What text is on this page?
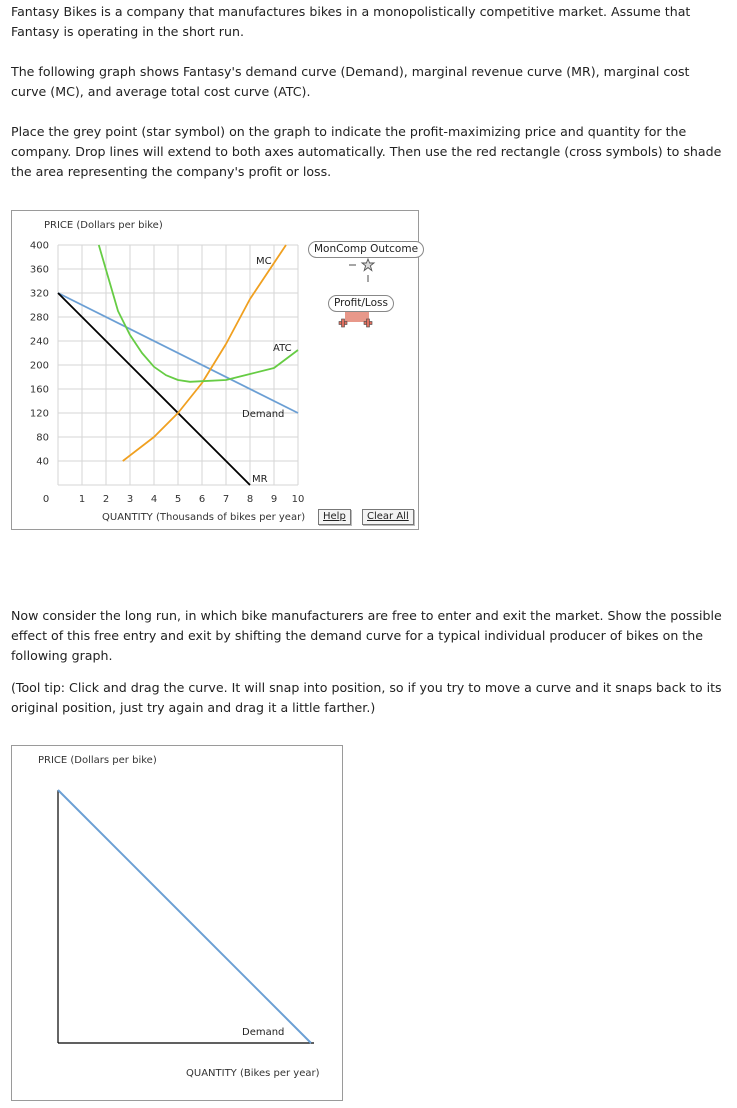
Fantasy Bikes is a company that manufactures bikes in a monopolistically competitive market. Assume that Fantasy is operating in the short run.

The following graph shows Fantasy's demand curve (Demand), marginal revenue curve (MR), marginal cost curve (MC), and average total cost curve (ATC).

Place the grey point (star symbol) on the graph to indicate the profit-maximizing price and quantity for the company. Drop lines will extend to both axes automatically. Then use the red rectangle (cross symbols) to shade the area representing the company's profit or loss.

PRICE (Dollars per bike)
40
80
120
160
200
240
280
320
360
400
0	1 2 3 4 5 6 7 8 9 10
MC
ATC
Demand
MR
QUANTITY (Thousands of bikes per year)
MonComp Outcome
Profit/Loss
Help	Clear All

Now consider the long run, in which bike manufacturers are free to enter and exit the market. Show the possible effect of this free entry and exit by shifting the demand curve for a typical individual producer of bikes on the following graph.

(Tool tip: Click and drag the curve. It will snap into position, so if you try to move a curve and it snaps back to its original position, just try again and drag it a little farther.)

PRICE (Dollars per bike)
Demand
QUANTITY (Bikes per year)
